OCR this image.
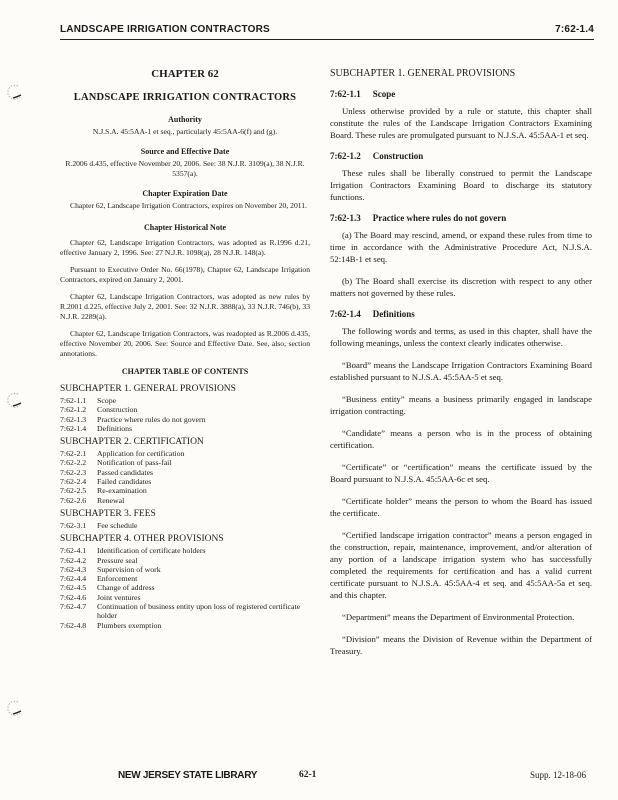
LANDSCAPE IRRIGATION CONTRACTORS	7:62-1.4
CHAPTER 62
LANDSCAPE IRRIGATION CONTRACTORS
Authority
N.J.S.A. 45:5AA-1 et seq., particularly 45:5AA-6(f) and (g).
Source and Effective Date
R.2006 d.435, effective November 20, 2006. See: 38 N.J.R. 3109(a), 38 N.J.R. 5357(a).
Chapter Expiration Date
Chapter 62, Landscape Irrigation Contractors, expires on November 20, 2011.
Chapter Historical Note
Chapter 62, Landscape Irrigation Contractors, was adopted as R.1996 d.21, effective January 2, 1996. See: 27 N.J.R. 1098(a), 28 N.J.R. 148(a).
Pursuant to Executive Order No. 66(1978), Chapter 62, Landscape Irrigation Contractors, expired on January 2, 2001.
Chapter 62, Landscape Irrigation Contractors, was adopted as new rules by R.2001 d.225, effective July 2, 2001. See: 32 N.J.R. 3888(a), 33 N.J.R. 746(b), 33 N.J.R. 2289(a).
Chapter 62, Landscape Irrigation Contractors, was readopted as R.2006 d.435, effective November 20, 2006. See: Source and Effective Date. See, also, section annotations.
CHAPTER TABLE OF CONTENTS
SUBCHAPTER 1. GENERAL PROVISIONS
7:62-1.1	Scope
7:62-1.2	Construction
7:62-1.3	Practice where rules do not govern
7:62-1.4	Definitions
SUBCHAPTER 2. CERTIFICATION
7:62-2.1	Application for certification
7:62-2.2	Notification of pass-fail
7:62-2.3	Passed candidates
7:62-2.4	Failed candidates
7:62-2.5	Re-examination
7:62-2.6	Renewal
SUBCHAPTER 3. FEES
7:62-3.1	Fee schedule
SUBCHAPTER 4. OTHER PROVISIONS
7:62-4.1	Identification of certificate holders
7:62-4.2	Pressure seal
7:62-4.3	Supervision of work
7:62-4.4	Enforcement
7:62-4.5	Change of address
7:62-4.6	Joint ventures
7:62-4.7	Continuation of business entity upon loss of registered certificate holder
7:62-4.8	Plumbers exemption
SUBCHAPTER 1. GENERAL PROVISIONS
7:62-1.1 Scope
Unless otherwise provided by a rule or statute, this chapter shall constitute the rules of the Landscape Irrigation Contractors Examining Board. These rules are promulgated pursuant to N.J.S.A. 45:5AA-1 et seq.
7:62-1.2 Construction
These rules shall be liberally construed to permit the Landscape Irrigation Contractors Examining Board to discharge its statutory functions.
7:62-1.3 Practice where rules do not govern
(a) The Board may rescind, amend, or expand these rules from time to time in accordance with the Administrative Procedure Act, N.J.S.A. 52:14B-1 et seq.
(b) The Board shall exercise its discretion with respect to any other matters not governed by these rules.
7:62-1.4 Definitions
The following words and terms, as used in this chapter, shall have the following meanings, unless the context clearly indicates otherwise.
“Board” means the Landscape Irrigation Contractors Examining Board established pursuant to N.J.S.A. 45:5AA-5 et seq.
“Business entity” means a business primarily engaged in landscape irrigation contracting.
“Candidate” means a person who is in the process of obtaining certification.
“Certificate” or “certification” means the certificate issued by the Board pursuant to N.J.S.A. 45:5AA-6c et seq.
“Certificate holder” means the person to whom the Board has issued the certificate.
“Certified landscape irrigation contractor” means a person engaged in the construction, repair, maintenance, improvement, and/or alteration of any portion of a landscape irrigation system who has successfully completed the requirements for certification and has a valid current certificate pursuant to N.J.S.A. 45:5AA-4 et seq. and 45:5AA-5a et seq. and this chapter.
“Department” means the Department of Environmental Protection.
“Division” means the Division of Revenue within the Department of Treasury.
NEW JERSEY STATE LIBRARY	62-1	Supp. 12-18-06
